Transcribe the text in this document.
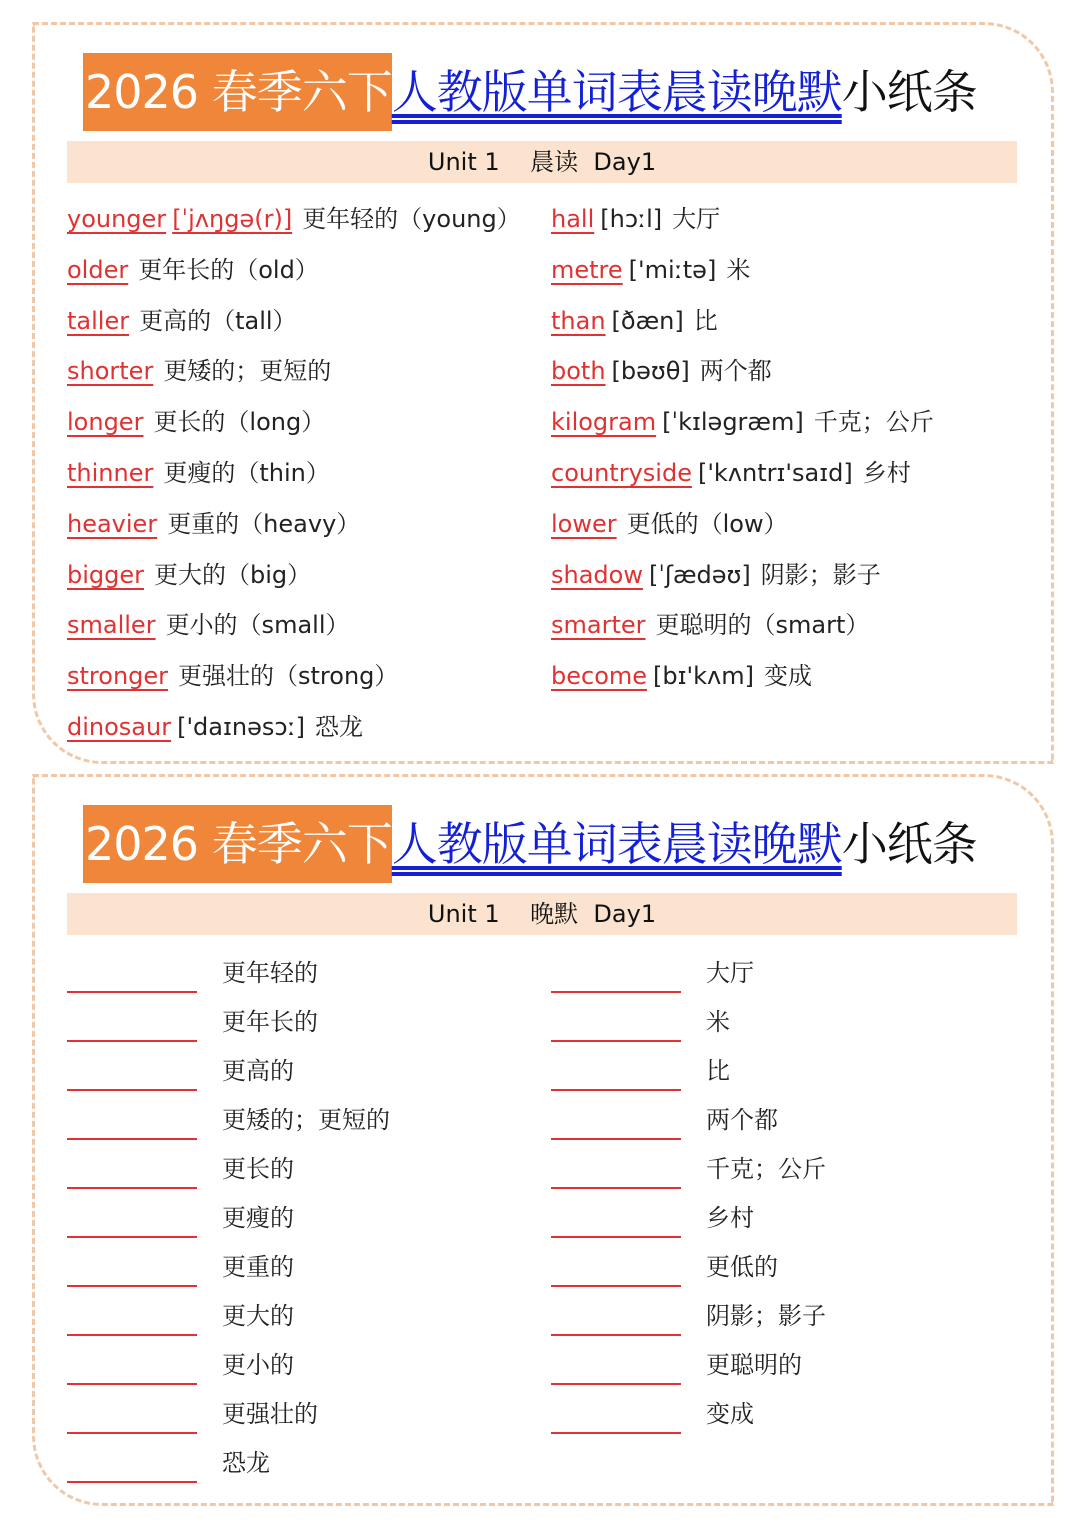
2026 春季六下 人教版单词表晨读晚默 小纸条
Unit 1    晨读  Day1
younger [ˈjʌŋgə(r)] 更年轻的（young）
older 更年长的（old）
taller 更高的（tall）
shorter 更矮的；更短的
longer 更长的（long）
thinner 更瘦的（thin）
heavier 更重的（heavy）
bigger 更大的（big）
smaller 更小的（small）
stronger 更强壮的（strong）
dinosaur ['daɪnəsɔː] 恐龙
hall [hɔːl] 大厅
metre ['miːtə] 米
than [ðæn] 比
both [bəʊθ] 两个都
kilogram [ˈkɪləgræm] 千克；公斤
countryside ['kʌntrɪ'saɪd] 乡村
lower 更低的（low）
shadow [ˈʃædəʊ] 阴影；影子
smarter 更聪明的（smart）
become [bɪ'kʌm] 变成
2026 春季六下 人教版单词表晨读晚默 小纸条
Unit 1    晚默  Day1
更年轻的
更年长的
更高的
更矮的；更短的
更长的
更瘦的
更重的
更大的
更小的
更强壮的
恐龙
大厅
米
比
两个都
千克；公斤
乡村
更低的
阴影；影子
更聪明的
变成
